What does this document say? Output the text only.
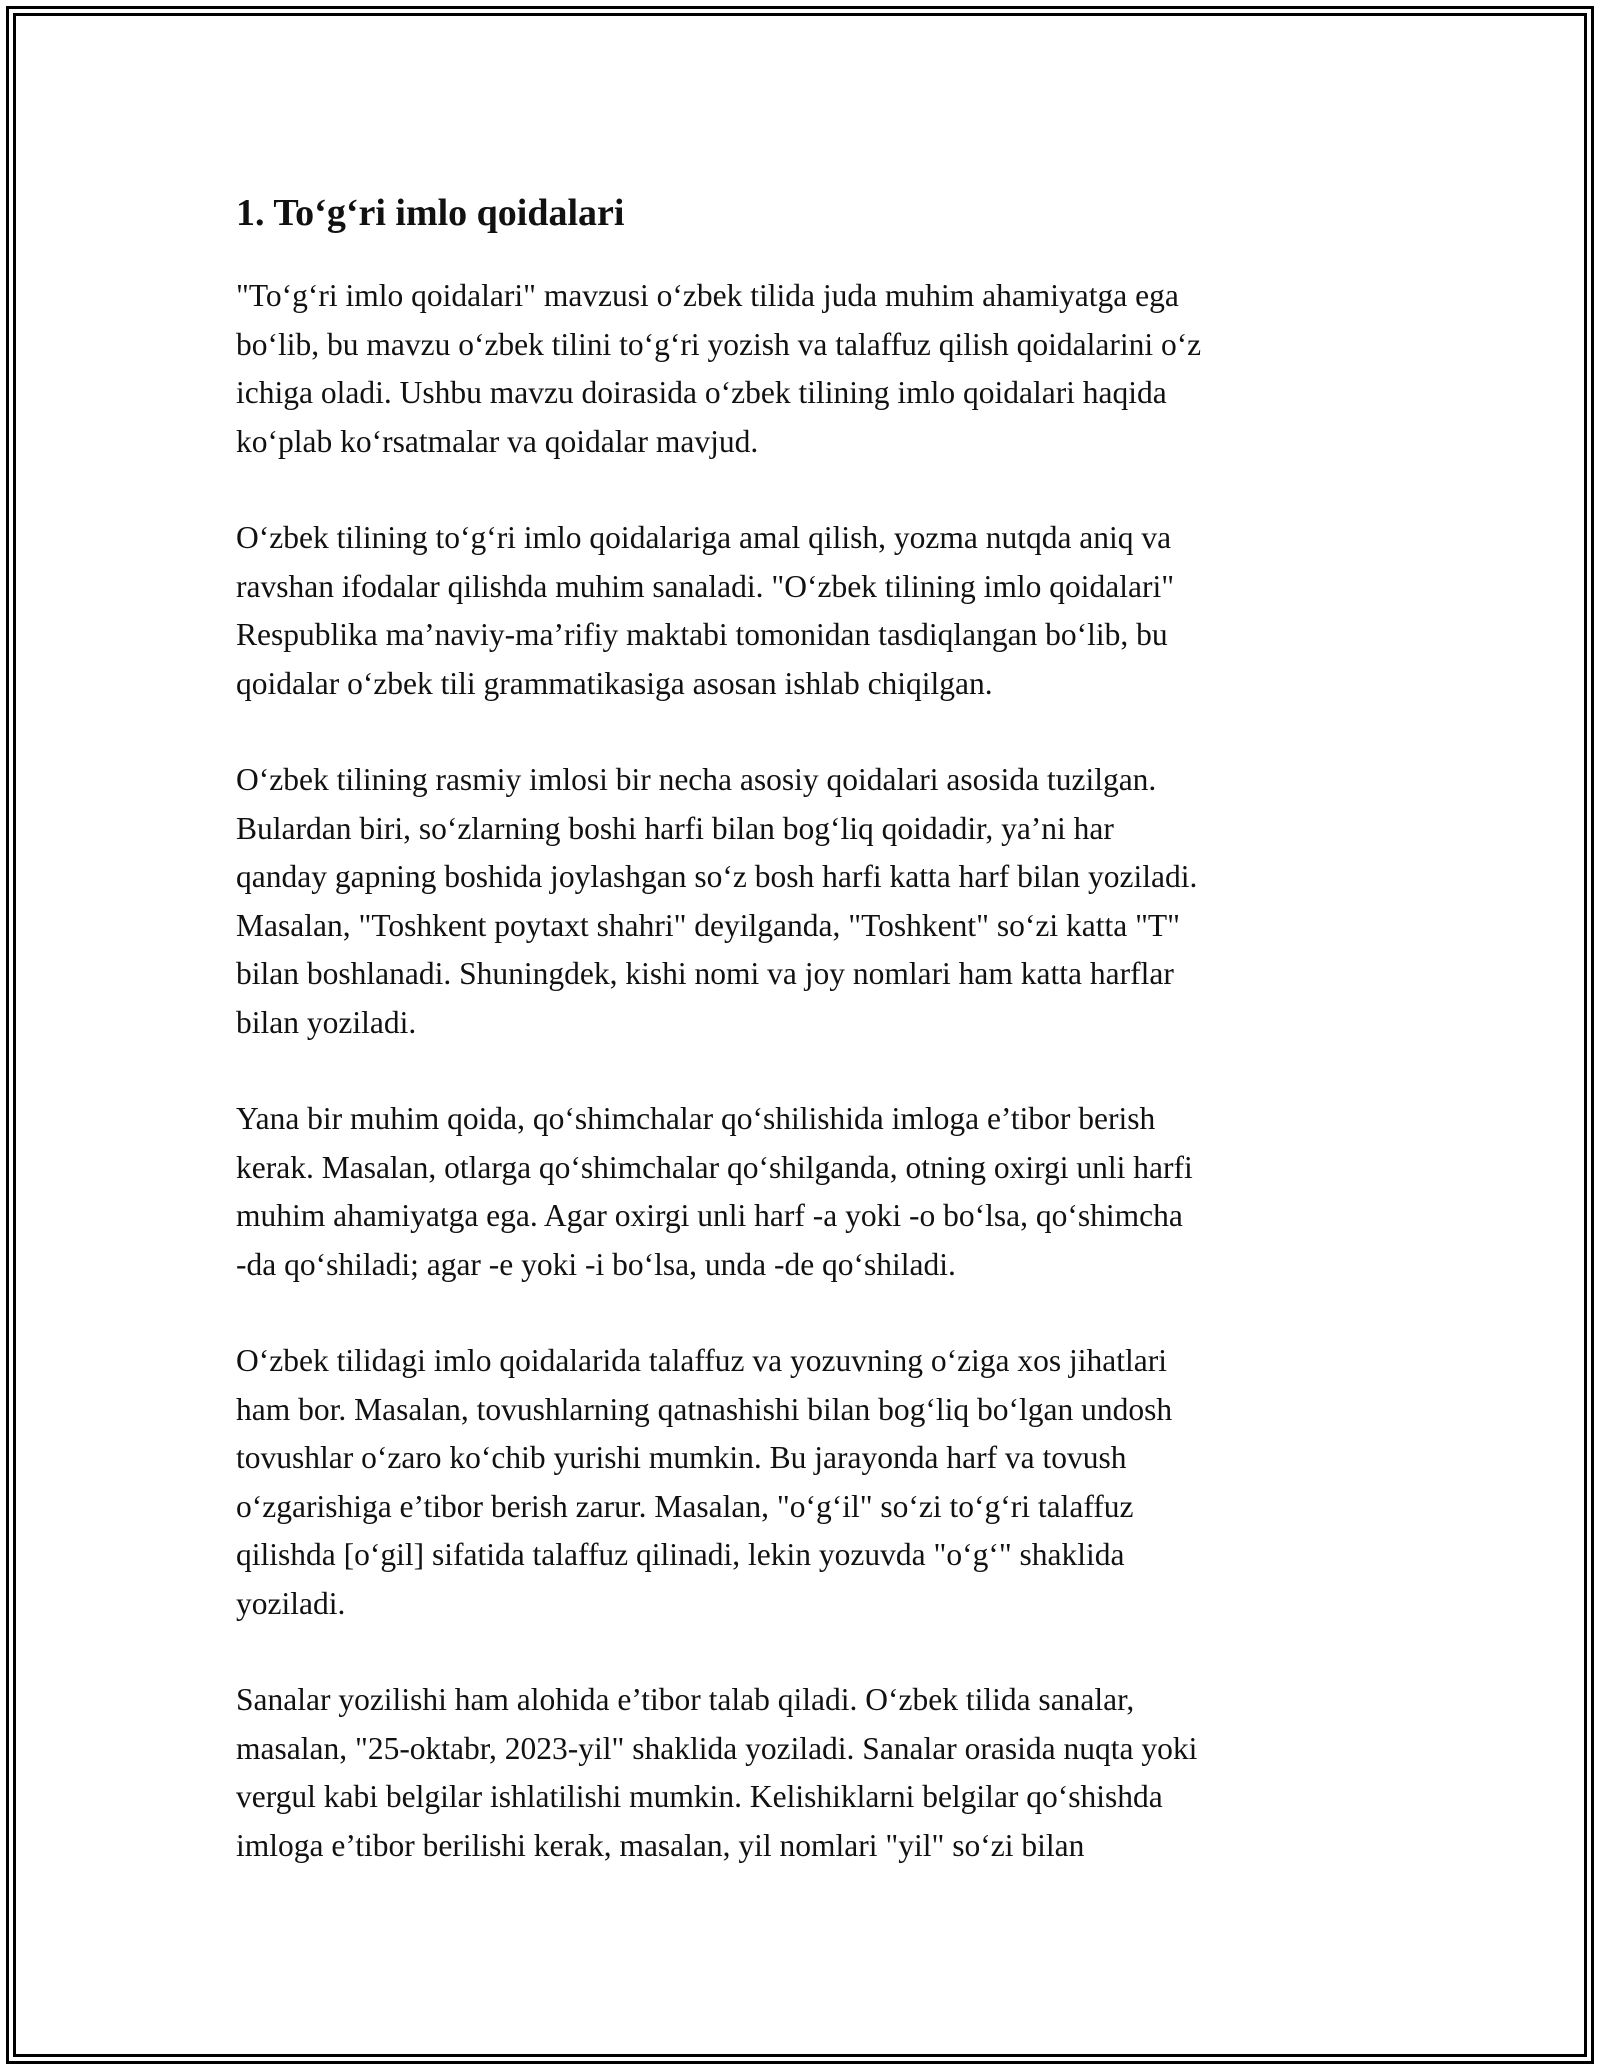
1. To‘g‘ri imlo qoidalari

"To‘g‘ri imlo qoidalari" mavzusi o‘zbek tilida juda muhim ahamiyatga ega
bo‘lib, bu mavzu o‘zbek tilini to‘g‘ri yozish va talaffuz qilish qoidalarini o‘z
ichiga oladi. Ushbu mavzu doirasida o‘zbek tilining imlo qoidalari haqida
ko‘plab ko‘rsatmalar va qoidalar mavjud.

O‘zbek tilining to‘g‘ri imlo qoidalariga amal qilish, yozma nutqda aniq va
ravshan ifodalar qilishda muhim sanaladi. "O‘zbek tilining imlo qoidalari"
Respublika ma’naviy-ma’rifiy maktabi tomonidan tasdiqlangan bo‘lib, bu
qoidalar o‘zbek tili grammatikasiga asosan ishlab chiqilgan.

O‘zbek tilining rasmiy imlosi bir necha asosiy qoidalari asosida tuzilgan.
Bulardan biri, so‘zlarning boshi harfi bilan bog‘liq qoidadir, ya’ni har
qanday gapning boshida joylashgan so‘z bosh harfi katta harf bilan yoziladi.
Masalan, "Toshkent poytaxt shahri" deyilganda, "Toshkent" so‘zi katta "T"
bilan boshlanadi. Shuningdek, kishi nomi va joy nomlari ham katta harflar
bilan yoziladi.

Yana bir muhim qoida, qo‘shimchalar qo‘shilishida imloga e’tibor berish
kerak. Masalan, otlarga qo‘shimchalar qo‘shilganda, otning oxirgi unli harfi
muhim ahamiyatga ega. Agar oxirgi unli harf -a yoki -o bo‘lsa, qo‘shimcha
-da qo‘shiladi; agar -e yoki -i bo‘lsa, unda -de qo‘shiladi.

O‘zbek tilidagi imlo qoidalarida talaffuz va yozuvning o‘ziga xos jihatlari
ham bor. Masalan, tovushlarning qatnashishi bilan bog‘liq bo‘lgan undosh
tovushlar o‘zaro ko‘chib yurishi mumkin. Bu jarayonda harf va tovush
o‘zgarishiga e’tibor berish zarur. Masalan, "o‘g‘il" so‘zi to‘g‘ri talaffuz
qilishda [o‘gil] sifatida talaffuz qilinadi, lekin yozuvda "o‘g‘" shaklida
yoziladi.

Sanalar yozilishi ham alohida e’tibor talab qiladi. O‘zbek tilida sanalar,
masalan, "25-oktabr, 2023-yil" shaklida yoziladi. Sanalar orasida nuqta yoki
vergul kabi belgilar ishlatilishi mumkin. Kelishiklarni belgilar qo‘shishda
imloga e’tibor berilishi kerak, masalan, yil nomlari "yil" so‘zi bilan
